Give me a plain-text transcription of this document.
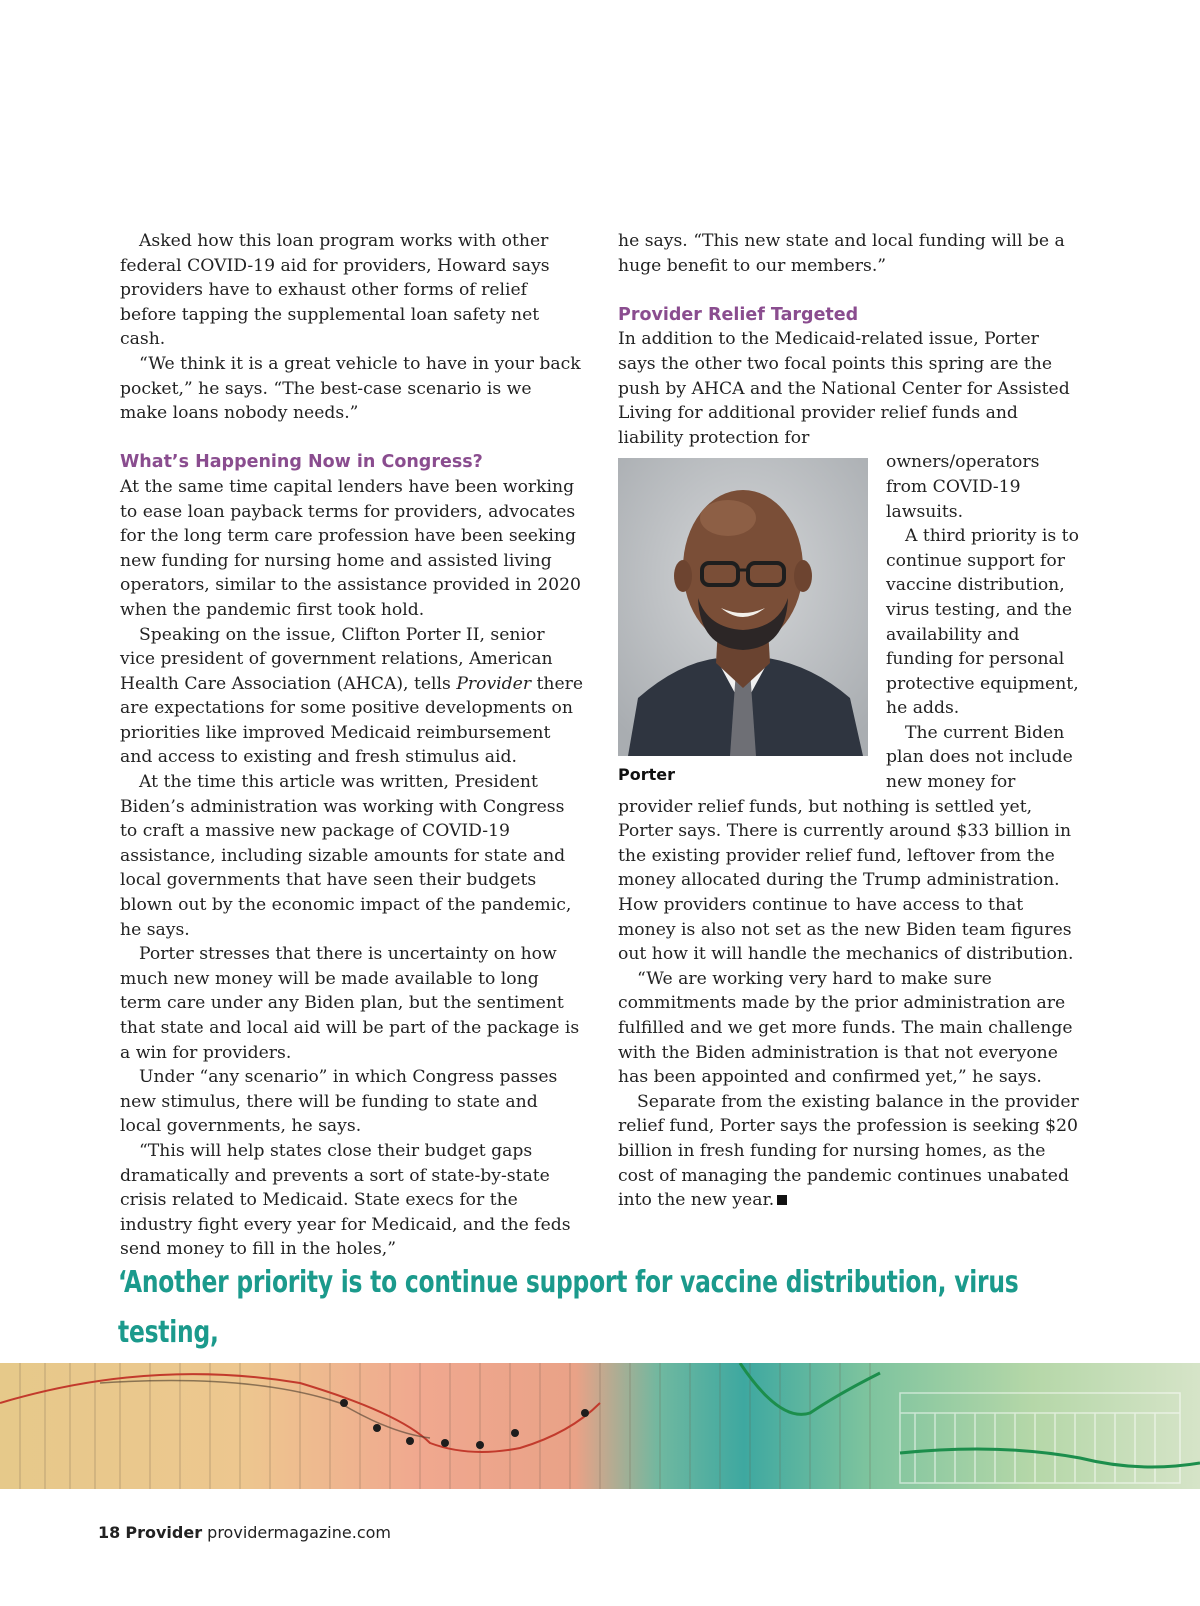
Asked how this loan program works with other federal COVID-19 aid for providers, Howard says providers have to exhaust other forms of relief before tapping the supplemental loan safety net cash.

“We think it is a great vehicle to have in your back pocket,” he says. “The best-case scenario is we make loans nobody needs.”

What’s Happening Now in Congress?

At the same time capital lenders have been working to ease loan payback terms for providers, advocates for the long term care profession have been seeking new funding for nursing home and assisted living operators, similar to the assistance provided in 2020 when the pandemic first took hold.

Speaking on the issue, Clifton Porter II, senior vice president of government relations, American Health Care Association (AHCA), tells Provider there are expectations for some positive developments on priorities like improved Medicaid reimbursement and access to existing and fresh stimulus aid.

At the time this article was written, President Biden’s administration was working with Congress to craft a massive new package of COVID-19 assistance, including sizable amounts for state and local governments that have seen their budgets blown out by the economic impact of the pandemic, he says.

Porter stresses that there is uncertainty on how much new money will be made available to long term care under any Biden plan, but the sentiment that state and local aid will be part of the package is a win for providers.

Under “any scenario” in which Congress passes new stimulus, there will be funding to state and local governments, he says.

“This will help states close their budget gaps dramatically and prevents a sort of state-by-state crisis related to Medicaid. State execs for the industry fight every year for Medicaid, and the feds send money to fill in the holes,”

he says. “This new state and local funding will be a huge benefit to our members.”

Provider Relief Targeted

In addition to the Medicaid-related issue, Porter says the other two focal points this spring are the push by AHCA and the National Center for Assisted Living for additional provider relief funds and liability protection for

Porter

owners/operators from COVID-19 lawsuits.

A third priority is to continue support for vaccine distribution, virus testing, and the availability and funding for personal protective equipment, he adds.

The current Biden plan does not include new money for provider relief funds, but nothing is settled yet, Porter says. There is currently around $33 billion in the existing provider relief fund, leftover from the money allocated during the Trump administration. How providers continue to have access to that money is also not set as the new Biden team figures out how it will handle the mechanics of distribution.

“We are working very hard to make sure commitments made by the prior administration are fulfilled and we get more funds. The main challenge with the Biden administration is that not everyone has been appointed and confirmed yet,” he says.

Separate from the existing balance in the provider relief fund, Porter says the profession is seeking $20 billion in fresh funding for nursing homes, as the cost of managing the pandemic continues unabated into the new year.

‘Another priority is to continue support for vaccine distribution, virus testing,
18 Provider providermagazine.com
